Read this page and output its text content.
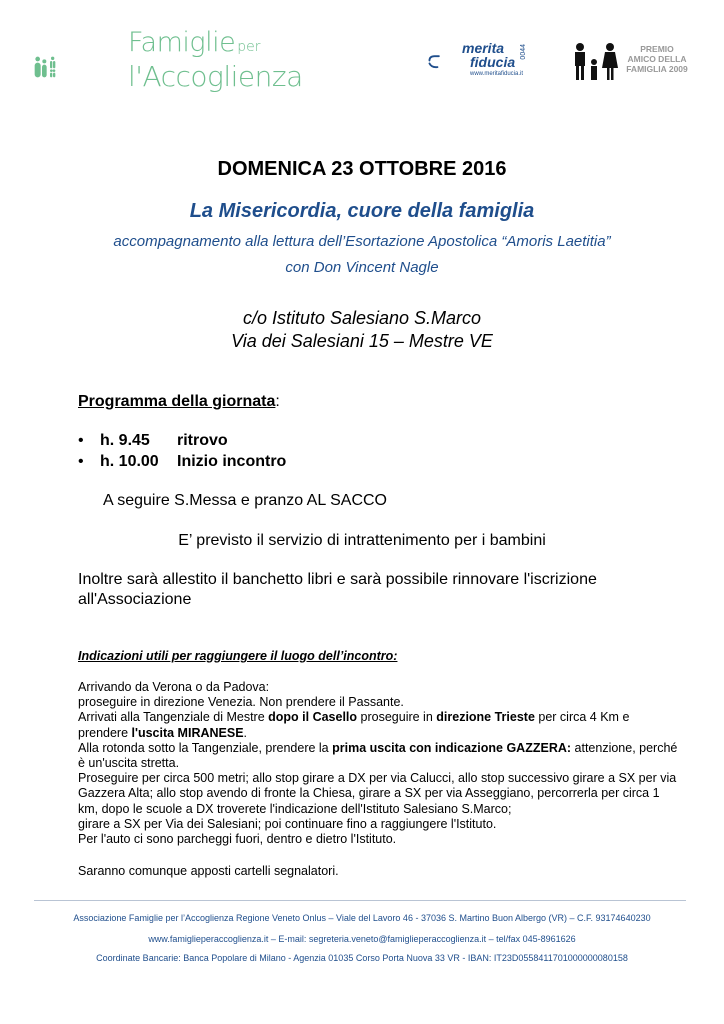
Famiglie per
l'Accoglienza
merita
fiducia
www.meritafiducia.it
0044	PREMIO
AMICO DELLA
FAMIGLIA 2009
DOMENICA 23 OTTOBRE 2016
La Misericordia, cuore della famiglia
accompagnamento alla lettura dell’Esortazione Apostolica “Amoris Laetitia”
con Don Vincent Nagle
c/o Istituto Salesiano S.Marco
Via dei Salesiani 15 – Mestre VE
Programma della giornata:
• h. 9.45 ritrovo
• h. 10.00 Inizio incontro
A seguire S.Messa e pranzo AL SACCO
E’ previsto il servizio di intrattenimento per i bambini
Inoltre sarà allestito il banchetto libri e sarà possibile rinnovare l'iscrizione all'Associazione
Indicazioni utili per raggiungere il luogo dell’incontro:

Arrivando da Verona o da Padova:

proseguire in direzione Venezia. Non prendere il Passante.

Arrivati alla Tangenziale di Mestre dopo il Casello proseguire in direzione Trieste per circa 4 Km e prendere l'uscita MIRANESE.

Alla rotonda sotto la Tangenziale, prendere la prima uscita con indicazione GAZZERA: attenzione, perché è un'uscita stretta.

Proseguire per circa 500 metri; allo stop girare a DX per via Calucci, allo stop successivo girare a SX per via Gazzera Alta; allo stop avendo di fronte la Chiesa, girare a SX per via Asseggiano, percorrerla per circa 1 km, dopo le scuole a DX troverete l'indicazione dell'Istituto Salesiano S.Marco;

girare a SX per Via dei Salesiani; poi continuare fino a raggiungere l'Istituto.

Per l'auto ci sono parcheggi fuori, dentro e dietro l'Istituto.

Saranno comunque apposti cartelli segnalatori.
Associazione Famiglie per l’Accoglienza Regione Veneto Onlus – Viale del Lavoro 46 - 37036 S. Martino Buon Albergo (VR) – C.F. 93174640230
www.famiglieperaccoglienza.it – E-mail: segreteria.veneto@famiglieperaccoglienza.it – tel/fax 045-8961626
Coordinate Bancarie: Banca Popolare di Milano - Agenzia 01035 Corso Porta Nuova 33 VR - IBAN: IT23D0558411701000000080158
